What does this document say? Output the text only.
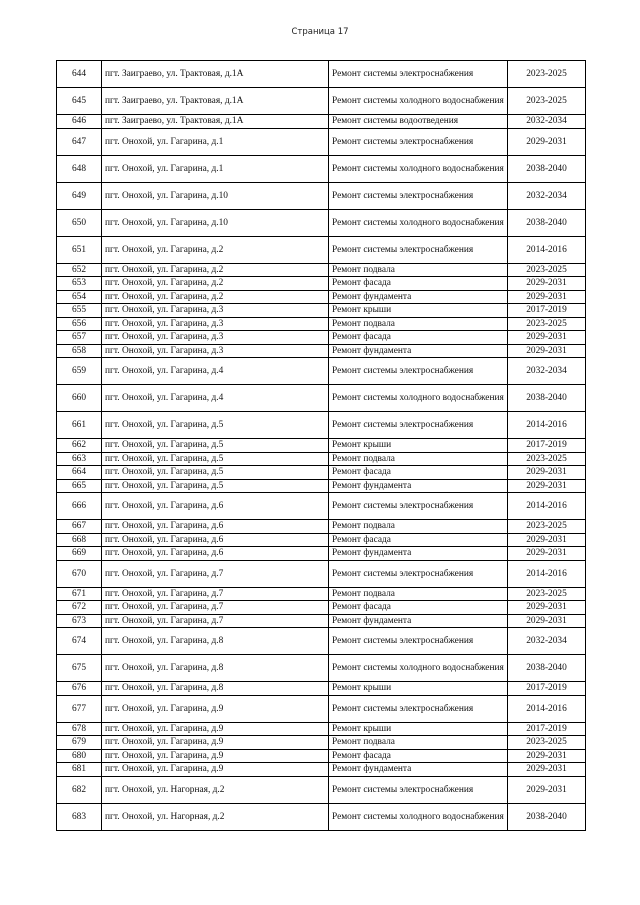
Страница 17
644	пгт. Заиграево, ул. Трактовая, д.1А	Ремонт системы электроснабжения	2023-2025
645	пгт. Заиграево, ул. Трактовая, д.1А	Ремонт системы холодного водоснабжения	2023-2025
646	пгт. Заиграево, ул. Трактовая, д.1А	Ремонт системы водоотведения	2032-2034
647	пгт. Онохой, ул. Гагарина, д.1	Ремонт системы электроснабжения	2029-2031
648	пгт. Онохой, ул. Гагарина, д.1	Ремонт системы холодного водоснабжения	2038-2040
649	пгт. Онохой, ул. Гагарина, д.10	Ремонт системы электроснабжения	2032-2034
650	пгт. Онохой, ул. Гагарина, д.10	Ремонт системы холодного водоснабжения	2038-2040
651	пгт. Онохой, ул. Гагарина, д.2	Ремонт системы электроснабжения	2014-2016
652	пгт. Онохой, ул. Гагарина, д.2	Ремонт подвала	2023-2025
653	пгт. Онохой, ул. Гагарина, д.2	Ремонт фасада	2029-2031
654	пгт. Онохой, ул. Гагарина, д.2	Ремонт фундамента	2029-2031
655	пгт. Онохой, ул. Гагарина, д.3	Ремонт крыши	2017-2019
656	пгт. Онохой, ул. Гагарина, д.3	Ремонт подвала	2023-2025
657	пгт. Онохой, ул. Гагарина, д.3	Ремонт фасада	2029-2031
658	пгт. Онохой, ул. Гагарина, д.3	Ремонт фундамента	2029-2031
659	пгт. Онохой, ул. Гагарина, д.4	Ремонт системы электроснабжения	2032-2034
660	пгт. Онохой, ул. Гагарина, д.4	Ремонт системы холодного водоснабжения	2038-2040
661	пгт. Онохой, ул. Гагарина, д.5	Ремонт системы электроснабжения	2014-2016
662	пгт. Онохой, ул. Гагарина, д.5	Ремонт крыши	2017-2019
663	пгт. Онохой, ул. Гагарина, д.5	Ремонт подвала	2023-2025
664	пгт. Онохой, ул. Гагарина, д.5	Ремонт фасада	2029-2031
665	пгт. Онохой, ул. Гагарина, д.5	Ремонт фундамента	2029-2031
666	пгт. Онохой, ул. Гагарина, д.6	Ремонт системы электроснабжения	2014-2016
667	пгт. Онохой, ул. Гагарина, д.6	Ремонт подвала	2023-2025
668	пгт. Онохой, ул. Гагарина, д.6	Ремонт фасада	2029-2031
669	пгт. Онохой, ул. Гагарина, д.6	Ремонт фундамента	2029-2031
670	пгт. Онохой, ул. Гагарина, д.7	Ремонт системы электроснабжения	2014-2016
671	пгт. Онохой, ул. Гагарина, д.7	Ремонт подвала	2023-2025
672	пгт. Онохой, ул. Гагарина, д.7	Ремонт фасада	2029-2031
673	пгт. Онохой, ул. Гагарина, д.7	Ремонт фундамента	2029-2031
674	пгт. Онохой, ул. Гагарина, д.8	Ремонт системы электроснабжения	2032-2034
675	пгт. Онохой, ул. Гагарина, д.8	Ремонт системы холодного водоснабжения	2038-2040
676	пгт. Онохой, ул. Гагарина, д.8	Ремонт крыши	2017-2019
677	пгт. Онохой, ул. Гагарина, д.9	Ремонт системы электроснабжения	2014-2016
678	пгт. Онохой, ул. Гагарина, д.9	Ремонт крыши	2017-2019
679	пгт. Онохой, ул. Гагарина, д.9	Ремонт подвала	2023-2025
680	пгт. Онохой, ул. Гагарина, д.9	Ремонт фасада	2029-2031
681	пгт. Онохой, ул. Гагарина, д.9	Ремонт фундамента	2029-2031
682	пгт. Онохой, ул. Нагорная, д.2	Ремонт системы электроснабжения	2029-2031
683	пгт. Онохой, ул. Нагорная, д.2	Ремонт системы холодного водоснабжения	2038-2040
